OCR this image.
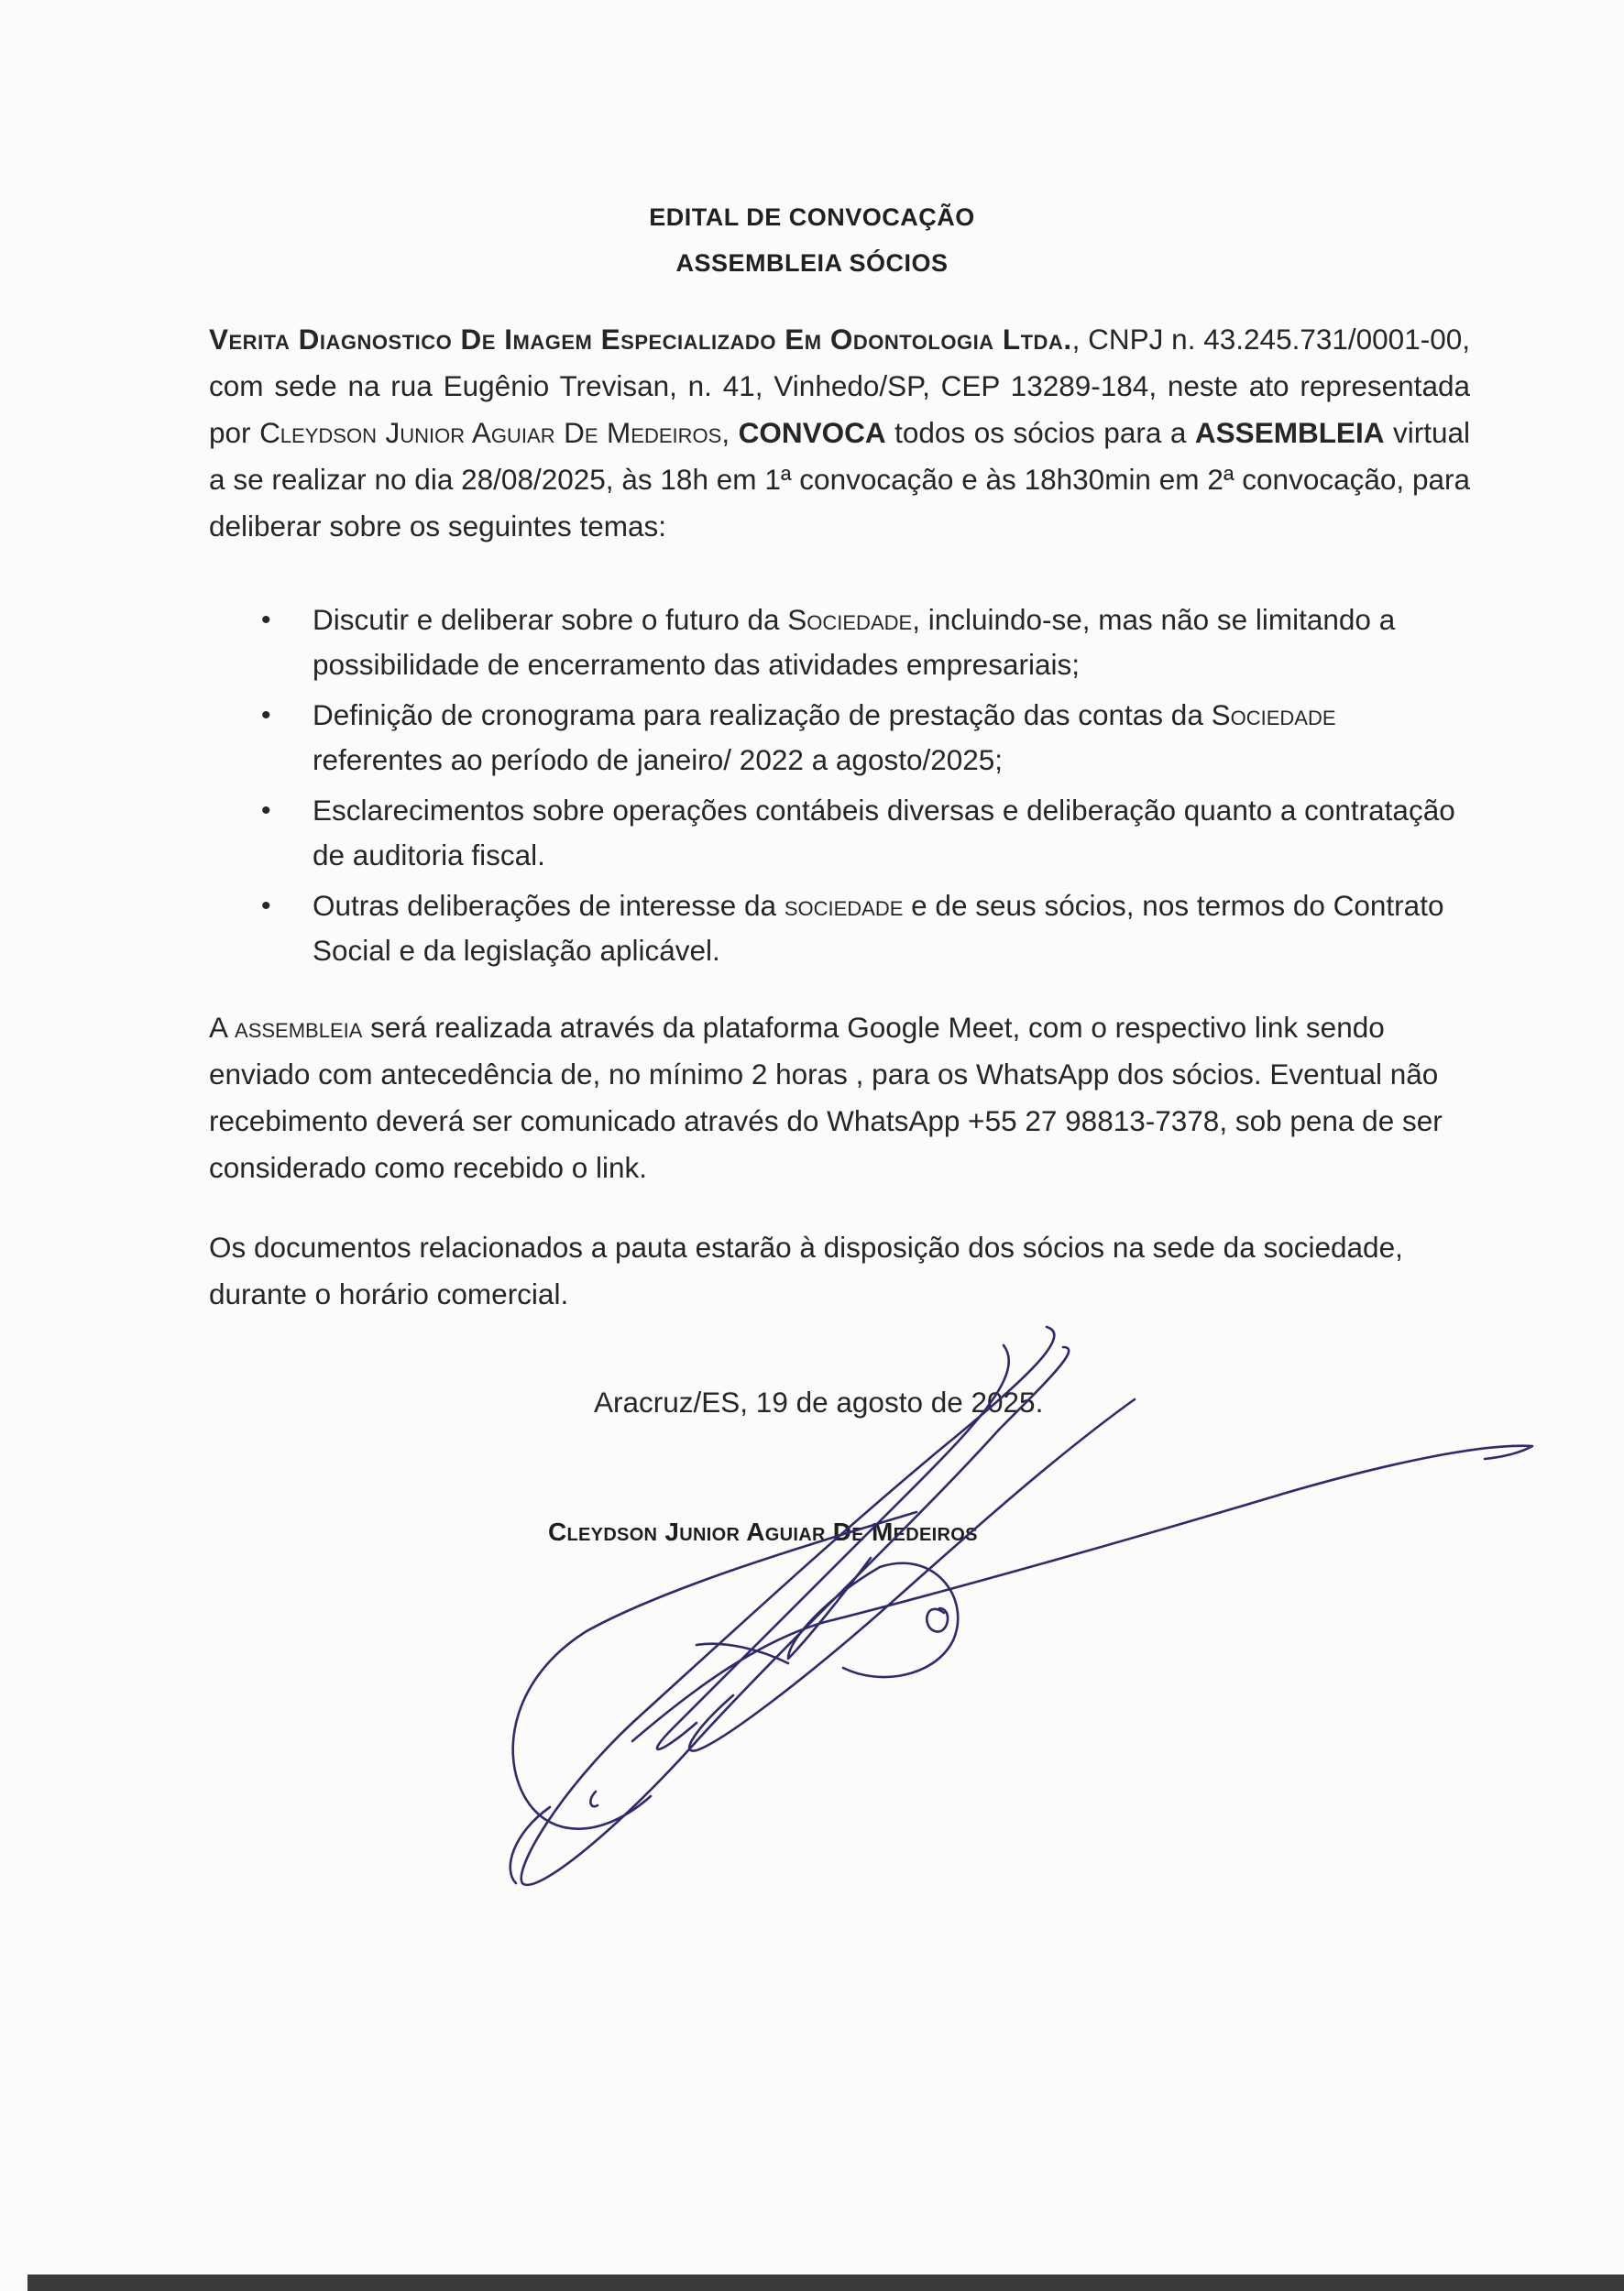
EDITAL DE CONVOCAÇÃO
ASSEMBLEIA SÓCIOS
Verita Diagnostico De Imagem Especializado Em Odontologia Ltda., CNPJ n. 43.245.731/0001-00, com sede na rua Eugênio Trevisan, n. 41, Vinhedo/SP, CEP 13289-184, neste ato representada por Cleydson Junior Aguiar De Medeiros, CONVOCA todos os sócios para a ASSEMBLEIA virtual a se realizar no dia 28/08/2025, às 18h em 1ª convocação e às 18h30min em 2ª convocação, para deliberar sobre os seguintes temas:
• Discutir e deliberar sobre o futuro da Sociedade, incluindo-se, mas não se limitando a possibilidade de encerramento das atividades empresariais;
• Definição de cronograma para realização de prestação das contas da Sociedade referentes ao período de janeiro/ 2022 a agosto/2025;
• Esclarecimentos sobre operações contábeis diversas e deliberação quanto a contratação de auditoria fiscal.
• Outras deliberações de interesse da sociedade e de seus sócios, nos termos do Contrato Social e da legislação aplicável.
A assembleia será realizada através da plataforma Google Meet, com o respectivo link sendo enviado com antecedência de, no mínimo 2 horas , para os WhatsApp dos sócios. Eventual não recebimento deverá ser comunicado através do WhatsApp +55 27 98813-7378, sob pena de ser considerado como recebido o link.
Os documentos relacionados a pauta estarão à disposição dos sócios na sede da sociedade, durante o horário comercial.
Aracruz/ES, 19 de agosto de 2025.
Cleydson Junior Aguiar De Medeiros
